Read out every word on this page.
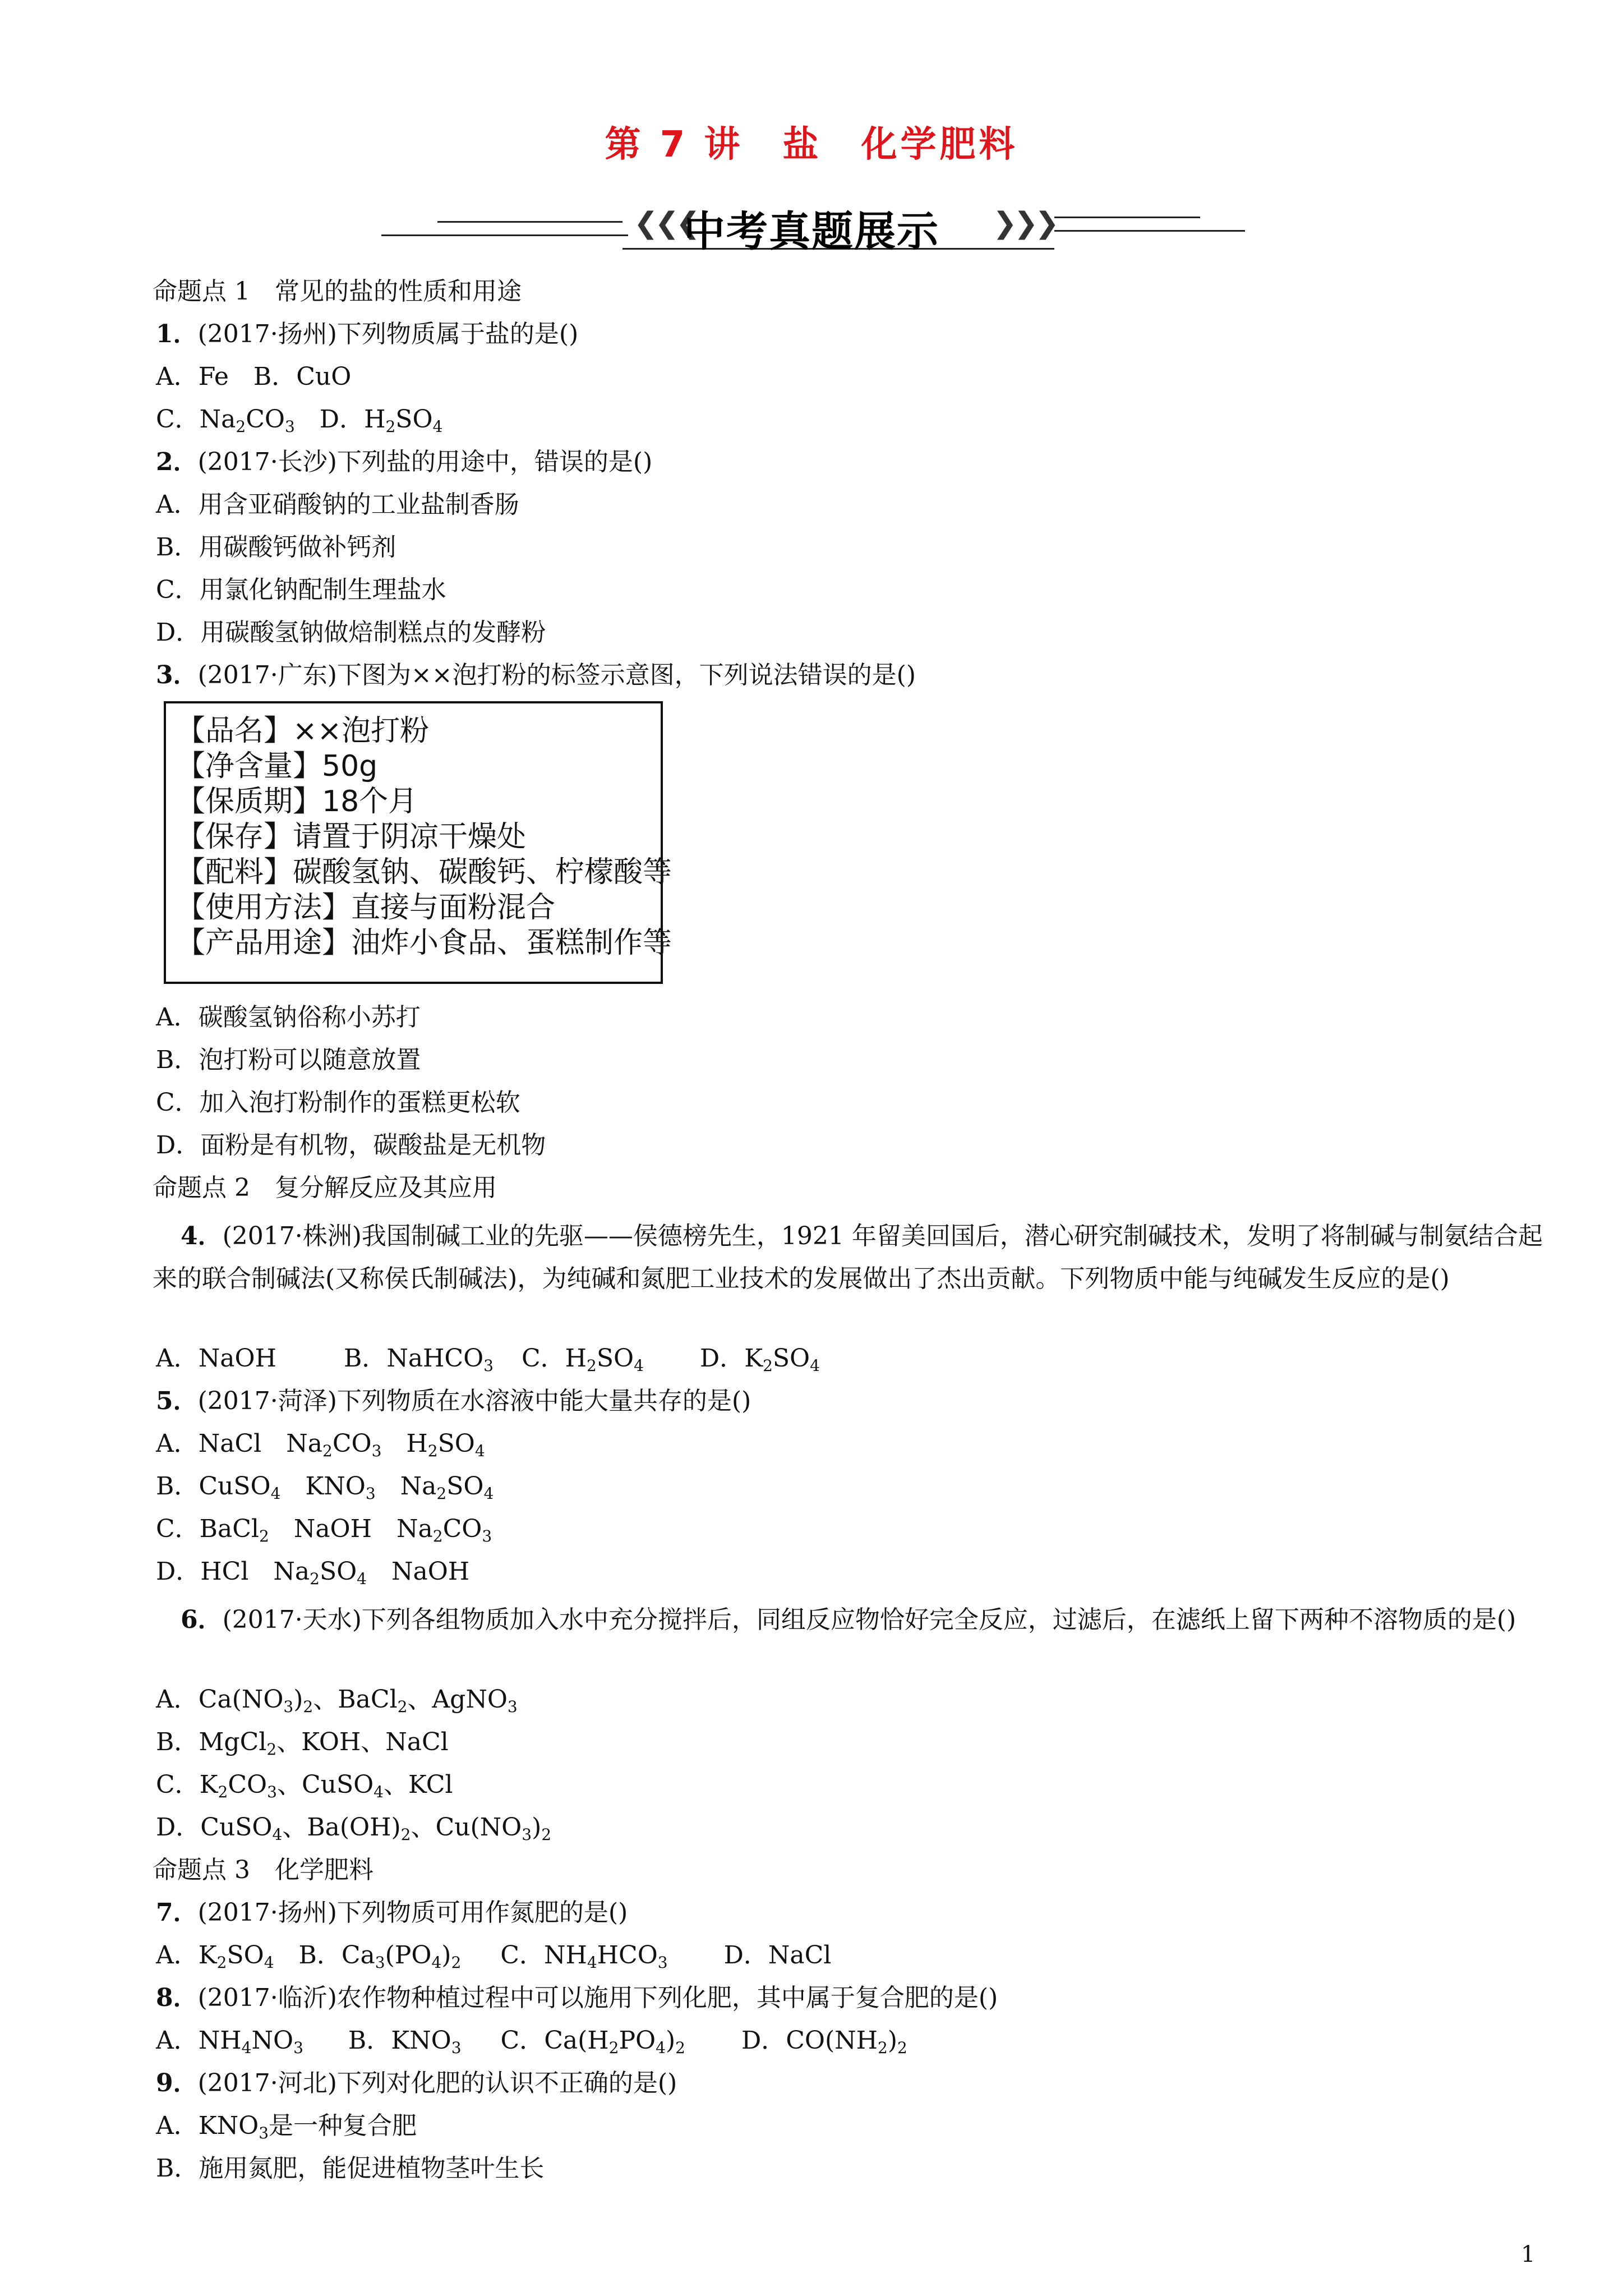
第 7 讲　盐　化学肥料
❮❮❮	❯❯❯
中考真题展示
命题点 1　常见的盐的性质和用途
1．(2017·扬州)下列物质属于盐的是()
A．Fe　B．CuO
C．$Na_2CO_3$　D．$H_2SO_4$
2．(2017·长沙)下列盐的用途中，错误的是()
A．用含亚硝酸钠的工业盐制香肠
B．用碳酸钙做补钙剂
C．用氯化钠配制生理盐水
D．用碳酸氢钠做焙制糕点的发酵粉
3．(2017·广东)下图为××泡打粉的标签示意图，下列说法错误的是()
【品名】××泡打粉
【净含量】50g
【保质期】18个月
【保存】请置于阴凉干燥处
【配料】碳酸氢钠、碳酸钙、柠檬酸等
【使用方法】直接与面粉混合
【产品用途】油炸小食品、蛋糕制作等
A．碳酸氢钠俗称小苏打
B．泡打粉可以随意放置
C．加入泡打粉制作的蛋糕更松软
D．面粉是有机物，碳酸盐是无机物
命题点 2　复分解反应及其应用
4．(2017·株洲)我国制碱工业的先驱——侯德榜先生，1921 年留美回国后，潜心研究制碱技术，发明了将制碱与制氨结合起来的联合制碱法(又称侯氏制碱法)，为纯碱和氮肥工业技术的发展做出了杰出贡献。下列物质中能与纯碱发生反应的是()
A．NaOH	B．NaHCO$_3$ C．$H_2SO_4$ D．$K_2SO_4$
5．(2017·菏泽)下列物质在水溶液中能大量共存的是()
A．NaCl　 $Na_2CO_3$　 $H_2SO_4$
B．CuSO$_4$　 $KNO_3$　 $Na_2SO_4$
C．BaCl$_2$　 NaOH　 $Na_2CO_3$
D．HCl　 $Na_2SO_4$　 NaOH
6．(2017·天水)下列各组物质加入水中充分搅拌后，同组反应物恰好完全反应，过滤后，在滤纸上留下两种不溶物质的是()
A．$Ca(NO_3)_2$、BaCl$_2$、AgNO$_3$
B．MgCl$_2$、KOH、NaCl
C．$K_2CO_3$、CuSO$_4$、KCl
D．CuSO$_4$、$Ba(OH)_2$、$Cu(NO_3)_2$
命题点 3　化学肥料
7．(2017·扬州)下列物质可用作氮肥的是()
A．$K_2SO_4$　 B．$Ca_3(PO_4)_2$ C．$NH_4HCO_3$ D．NaCl
8．(2017·临沂)农作物种植过程中可以施用下列化肥，其中属于复合肥的是()
A．$NH_4NO_3$ B．$KNO_3$ C．$Ca(H_2PO_4)_2$ D．$CO(NH_2)_2$
9．(2017·河北)下列对化肥的认识不正确的是()
A．$KNO_3$是一种复合肥
B．施用氮肥，能促进植物茎叶生长
1
